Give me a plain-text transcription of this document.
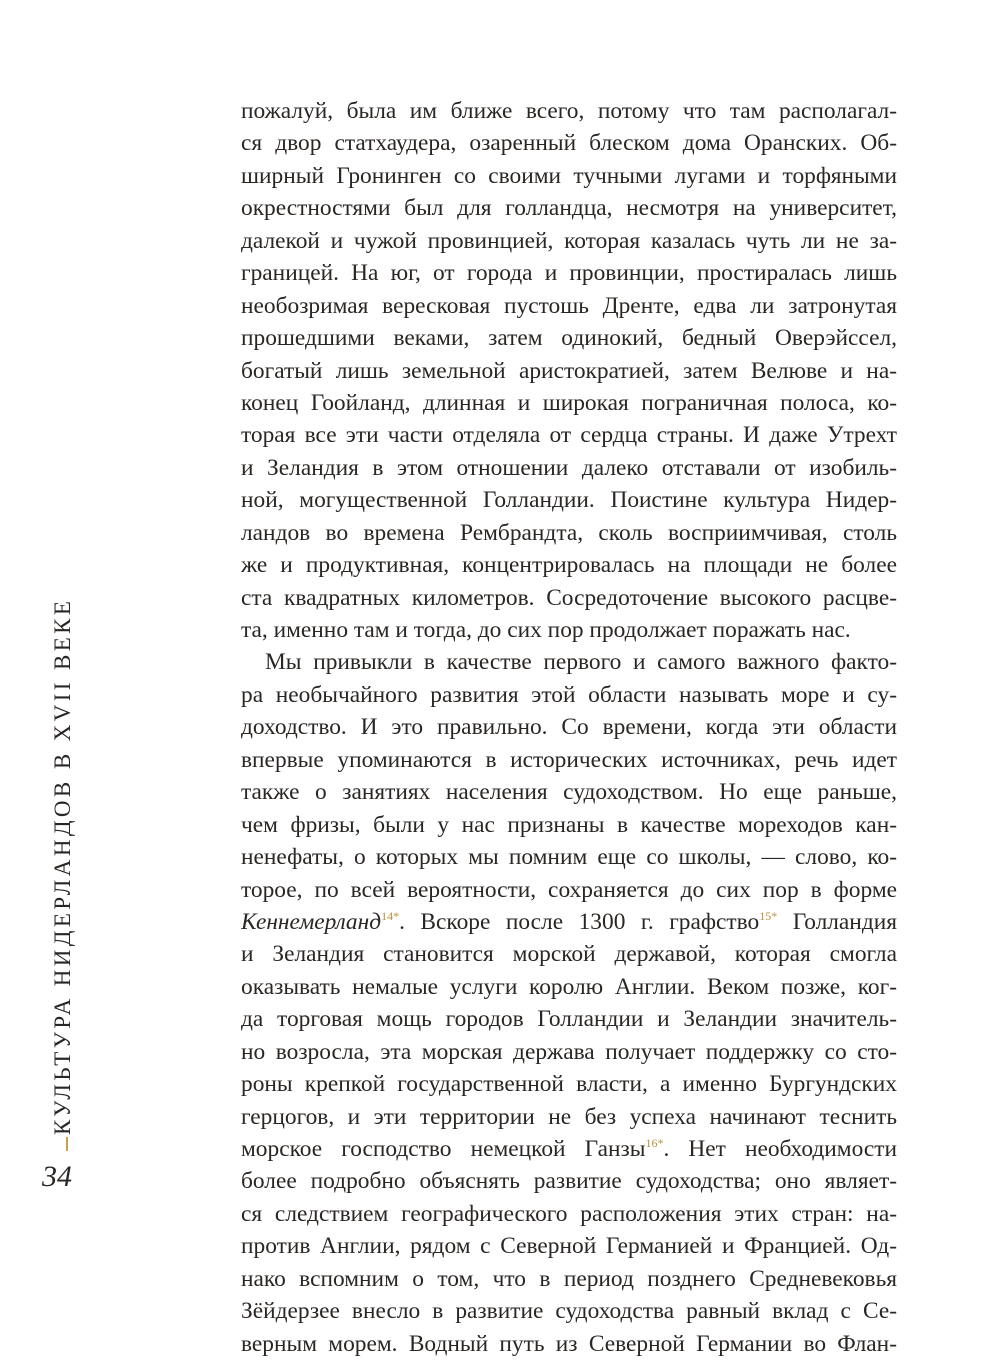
пожалуй, была им ближе всего, потому что там располагал-
ся двор статхаудера, озаренный блеском дома Оранских. Об-
ширный Гронинген со своими тучными лугами и торфяными
окрестностями был для голландца, несмотря на университет,
далекой и чужой провинцией, которая казалась чуть ли не за-
границей. На юг, от города и провинции, простиралась лишь
необозримая вересковая пустошь Дренте, едва ли затронутая
прошедшими веками, затем одинокий, бедный Оверэйссел,
богатый лишь земельной аристократией, затем Велюве и на-
конец Гоойланд, длинная и широкая пограничная полоса, ко-
торая все эти части отделяла от сердца страны. И даже Утрехт
и Зеландия в этом отношении далеко отставали от изобиль-
ной, могущественной Голландии. Поистине культура Нидер-
ландов во времена Рембрандта, сколь восприимчивая, столь
же и продуктивная, концентрировалась на площади не более
ста квадратных километров. Сосредоточение высокого расцве-
та, именно там и тогда, до сих пор продолжает поражать нас.
Мы привыкли в качестве первого и самого важного факто-
ра необычайного развития этой области называть море и су-
доходство. И это правильно. Со времени, когда эти области
впервые упоминаются в исторических источниках, речь идет
также о занятиях населения судоходством. Но еще раньше,
чем фризы, были у нас признаны в качестве мореходов кан-
ненефаты, о которых мы помним еще со школы, — слово, ко-
торое, по всей вероятности, сохраняется до сих пор в форме
Кеннемерланд$^{14*}$. Вскоре после 1300 г. графство$^{15*}$ Голландия
и Зеландия становится морской державой, которая смогла
оказывать немалые услуги королю Англии. Веком позже, ког-
да торговая мощь городов Голландии и Зеландии значитель-
но возросла, эта морская держава получает поддержку со сто-
роны крепкой государственной власти, а именно Бургундских
герцогов, и эти территории не без успеха начинают теснить
морское господство немецкой Ганзы$^{16*}$. Нет необходимости
более подробно объяснять развитие судоходства; оно являет-
ся следствием географического расположения этих стран: на-
против Англии, рядом с Северной Германией и Францией. Од-
нако вспомним о том, что в период позднего Средневековья
Зёйдерзее внесло в развитие судоходства равный вклад с Се-
верным морем. Водный путь из Северной Германии во Флан-
КУЛЬТУРА НИДЕРЛАНДОВ В XVII ВЕКЕ
34
